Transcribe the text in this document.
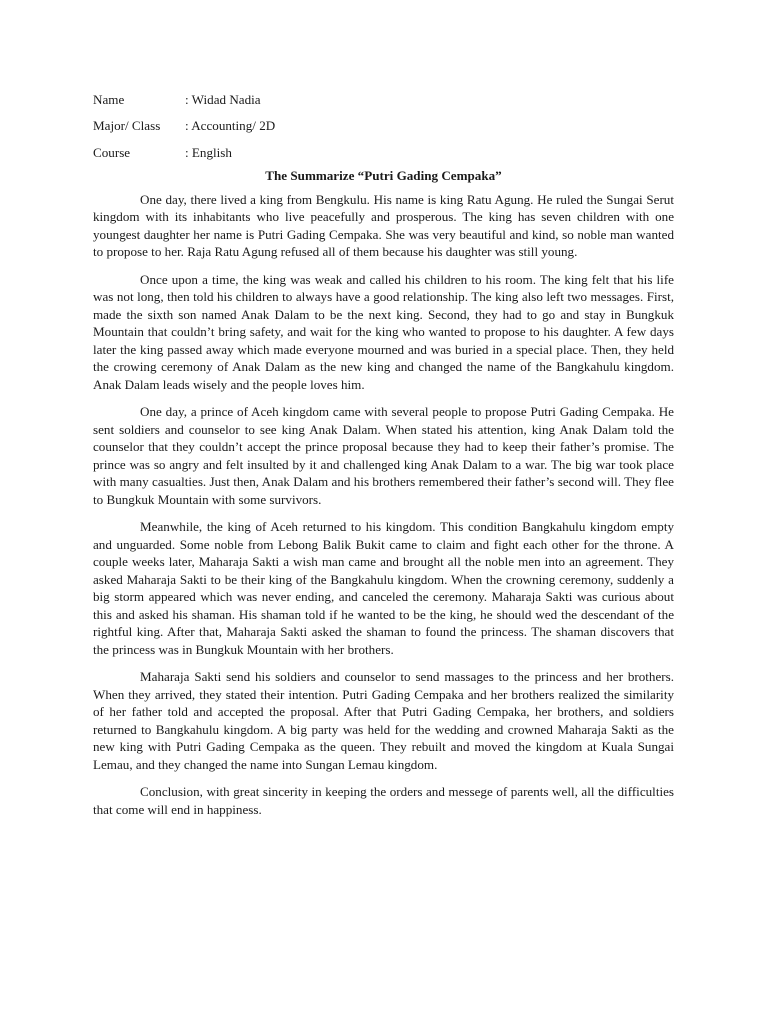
Name	: Widad Nadia
Major/ Class	: Accounting/ 2D
Course	: English
The Summarize “Putri Gading Cempaka”

One day, there lived a king from Bengkulu. His name is king Ratu Agung. He ruled the Sungai Serut kingdom with its inhabitants who live peacefully and prosperous. The king has seven children with one youngest daughter her name is Putri Gading Cempaka. She was very beautiful and kind, so noble man wanted to propose to her. Raja Ratu Agung refused all of them because his daughter was still young.

Once upon a time, the king was weak and called his children to his room. The king felt that his life was not long, then told his children to always have a good relationship. The king also left two messages. First, made the sixth son named Anak Dalam to be the next king. Second, they had to go and stay in Bungkuk Mountain that couldn’t bring safety, and wait for the king who wanted to propose to his daughter. A few days later the king passed away which made everyone mourned and was buried in a special place. Then, they held the crowing ceremony of Anak Dalam as the new king and changed the name of the Bangkahulu kingdom. Anak Dalam leads wisely and the people loves him.

One day, a prince of Aceh kingdom came with several people to propose Putri Gading Cempaka. He sent soldiers and counselor to see king Anak Dalam. When stated his attention, king Anak Dalam told the counselor that they couldn’t accept the prince proposal because they had to keep their father’s promise. The prince was so angry and felt insulted by it and challenged king Anak Dalam to a war. The big war took place with many casualties. Just then, Anak Dalam and his brothers remembered their father’s second will. They flee to Bungkuk Mountain with some survivors.

Meanwhile, the king of Aceh returned to his kingdom. This condition Bangkahulu kingdom empty and unguarded. Some noble from Lebong Balik Bukit came to claim and fight each other for the throne. A couple weeks later, Maharaja Sakti a wish man came and brought all the noble men into an agreement. They asked Maharaja Sakti to be their king of the Bangkahulu kingdom. When the crowning ceremony, suddenly a big storm appeared which was never ending, and canceled the ceremony. Maharaja Sakti was curious about this and asked his shaman. His shaman told if he wanted to be the king, he should wed the descendant of the rightful king. After that, Maharaja Sakti asked the shaman to found the princess. The shaman discovers that the princess was in Bungkuk Mountain with her brothers.

Maharaja Sakti send his soldiers and counselor to send massages to the princess and her brothers. When they arrived, they stated their intention. Putri Gading Cempaka and her brothers realized the similarity of her father told and accepted the proposal. After that Putri Gading Cempaka, her brothers, and soldiers returned to Bangkahulu kingdom. A big party was held for the wedding and crowned Maharaja Sakti as the new king with Putri Gading Cempaka as the queen. They rebuilt and moved the kingdom at Kuala Sungai Lemau, and they changed the name into Sungan Lemau kingdom.

Conclusion, with great sincerity in keeping the orders and messege of parents well, all the difficulties that come will end in happiness.
